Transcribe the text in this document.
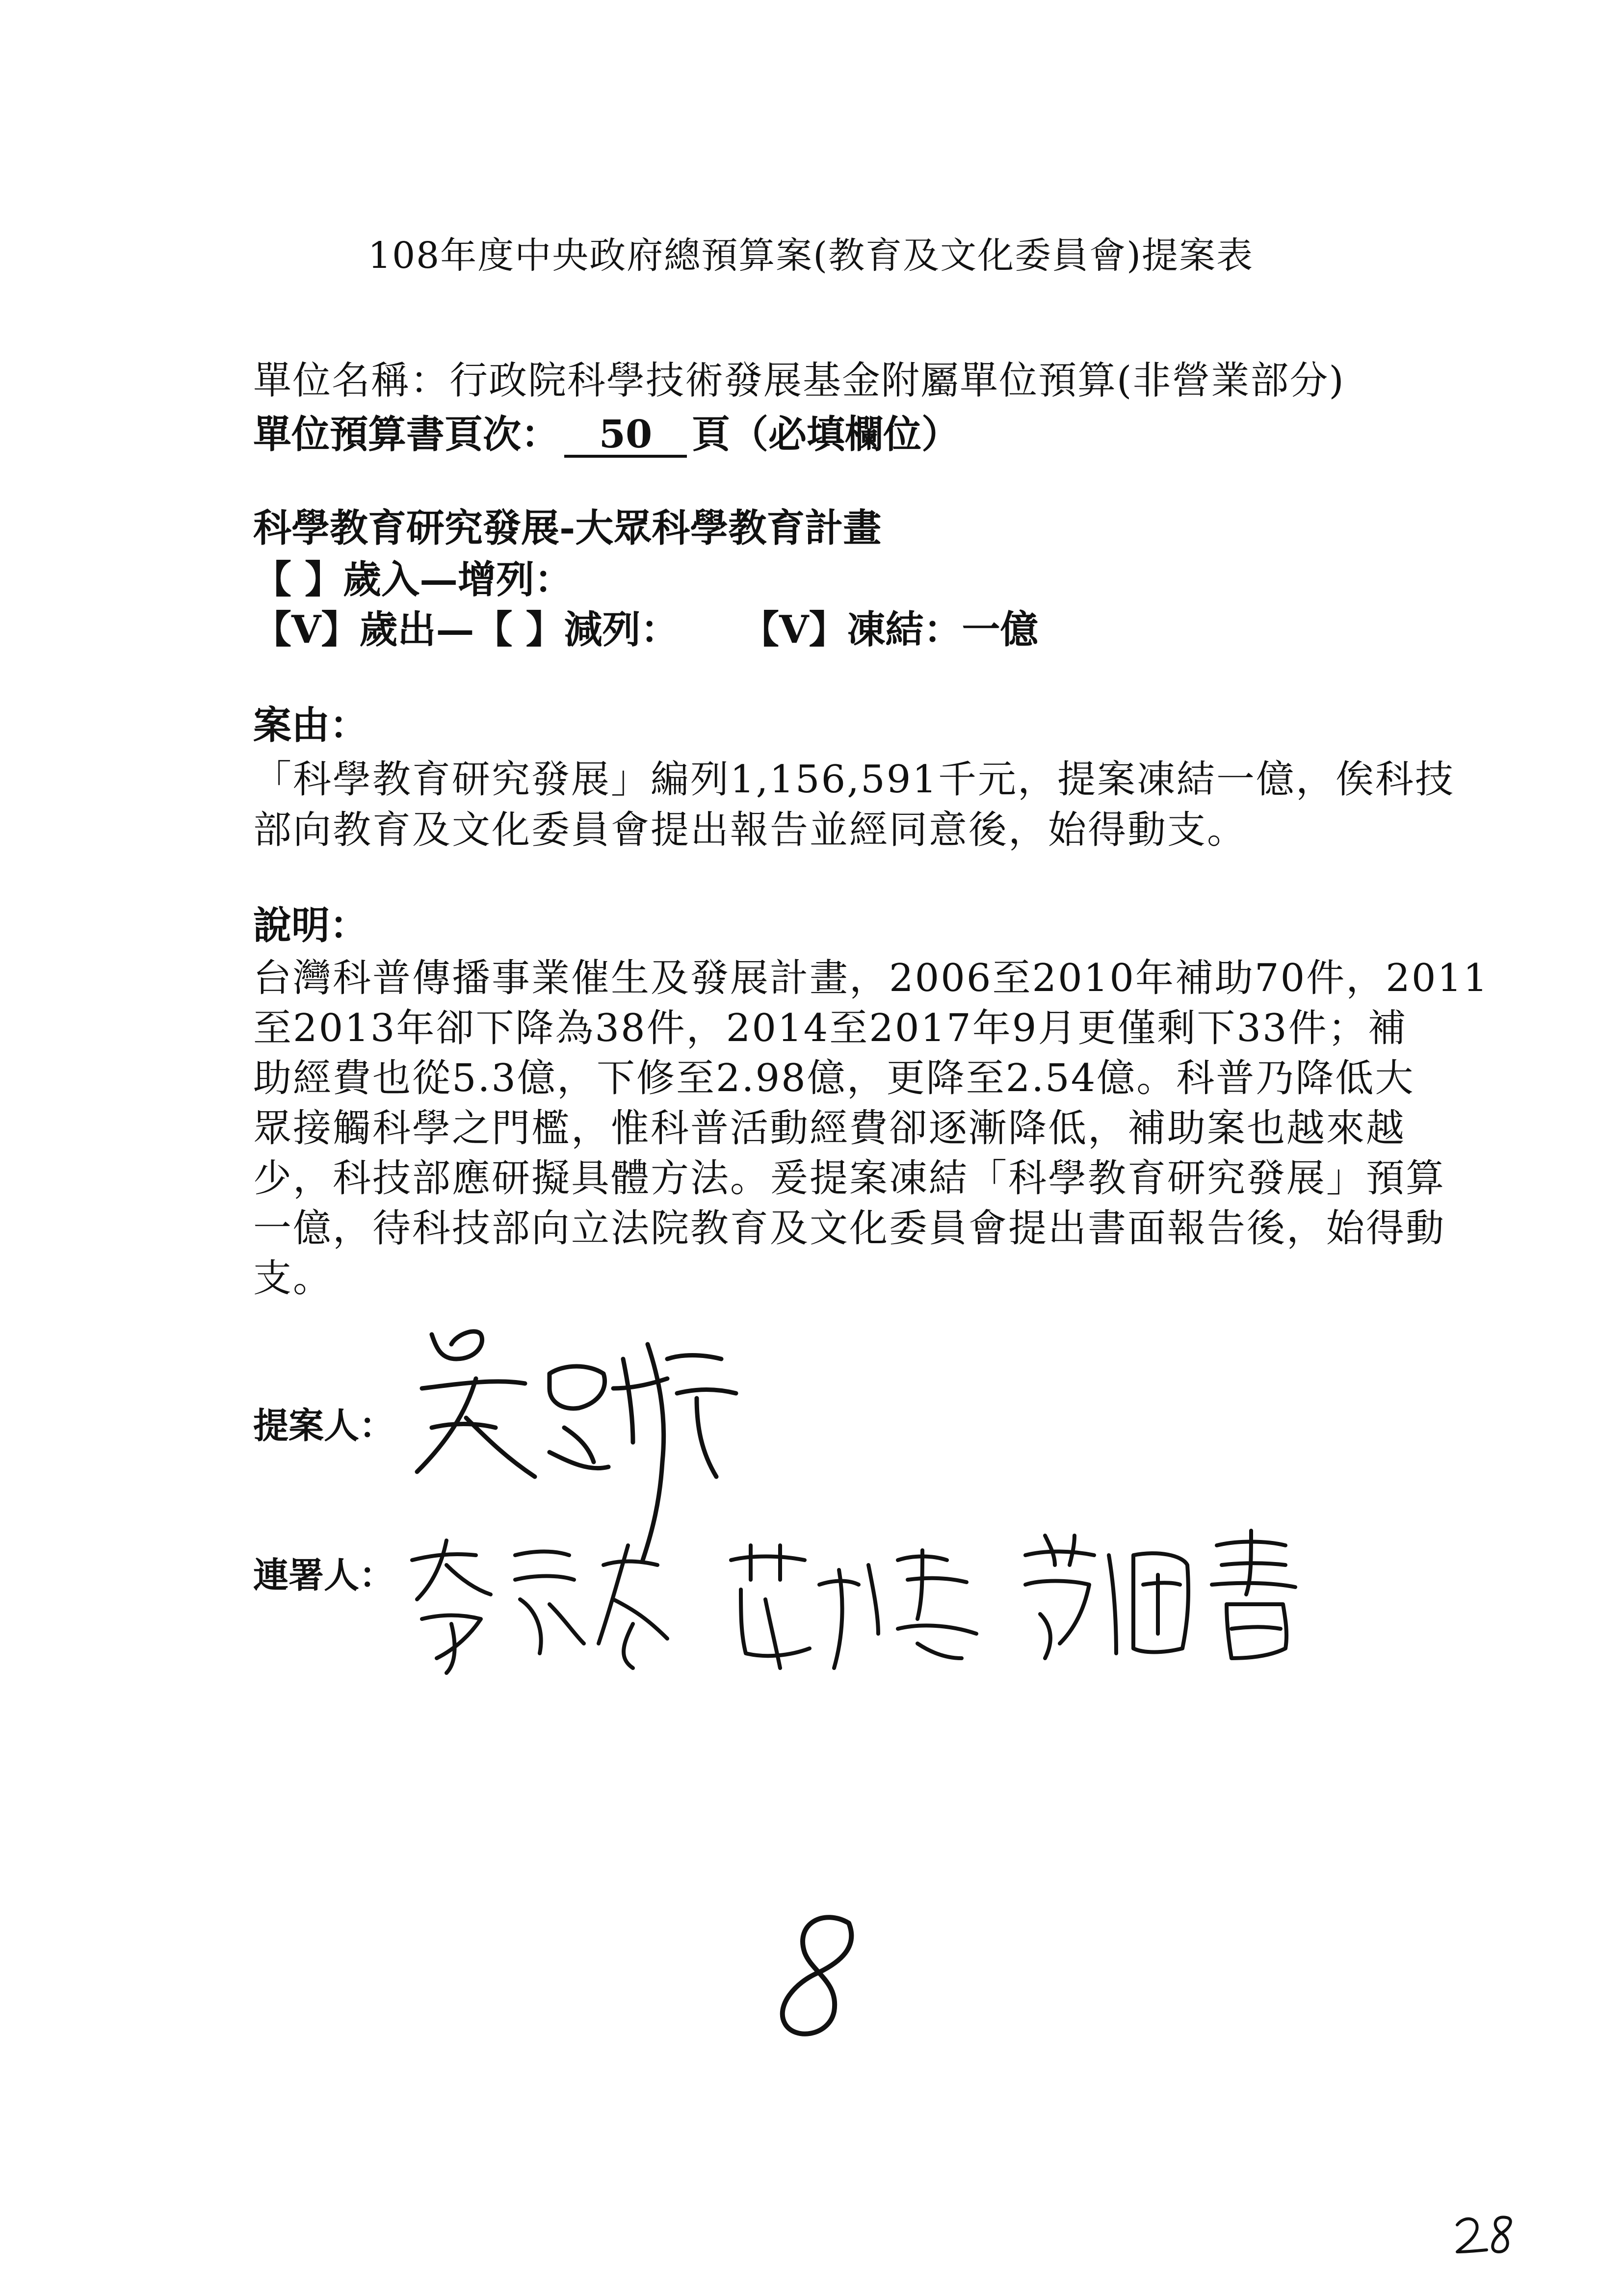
108年度中央政府總預算案(教育及文化委員會)提案表
單位名稱：行政院科學技術發展基金附屬單位預算(非營業部分)
單位預算書頁次： 50 頁（必填欄位）
科學教育研究發展-大眾科學教育計畫
【 】歲入—增列：
【V】歲出—【 】減列： 【V】凍結：一億
案由：
「科學教育研究發展」編列1,156,591千元，提案凍結一億，俟科技
部向教育及文化委員會提出報告並經同意後，始得動支。
說明：
台灣科普傳播事業催生及發展計畫，2006至2010年補助70件，2011
至2013年卻下降為38件，2014至2017年9月更僅剩下33件；補
助經費也從5.3億，下修至2.98億，更降至2.54億。科普乃降低大
眾接觸科學之門檻，惟科普活動經費卻逐漸降低，補助案也越來越
少，科技部應研擬具體方法。爰提案凍結「科學教育研究發展」預算
一億，待科技部向立法院教育及文化委員會提出書面報告後，始得動
支。
提案人：
連署人：
